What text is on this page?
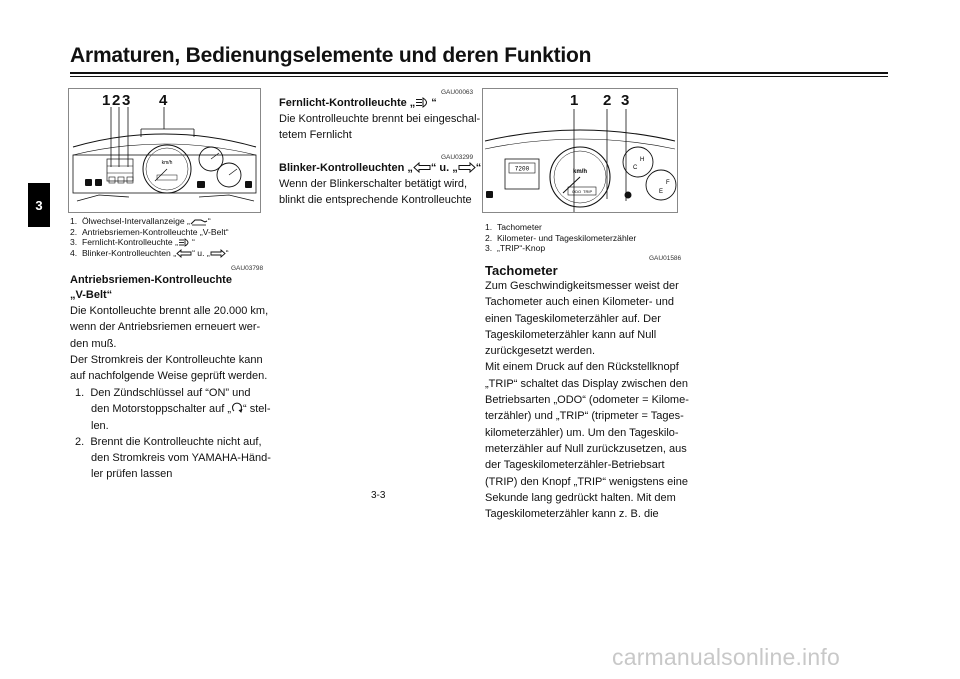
Armaturen, Bedienungselemente und deren Funktion
3
km/h
1 2 3 4
1. Ölwechsel-Intervallanzeige „ “
2. Antriebsriemen-Kontrolleuchte „V-Belt“
3. Fernlicht-Kontrolleuchte „ “
4. Blinker-Kontrolleuchten „ “ u. „ “
GAU03798
Antriebsriemen-Kontrolleuchte
„V-Belt“
Die Kontolleuchte brennt alle 20.000 km,
wenn der Antriebsriemen erneuert wer-
den muß.
Der Stromkreis der Kontrolleuchte kann
auf nachfolgende Weise geprüft werden.
1. Den Zündschlüssel auf “ON” und
den Motorstoppschalter auf „ “ stel-
len.
2. Brennt die Kontrolleuchte nicht auf,
den Stromkreis vom YAMAHA-Händ-
ler prüfen lassen
GAU00063
Fernlicht-Kontrolleuchte „ “
Die Kontrolleuchte brennt bei eingeschal-
tetem Fernlicht
GAU03299
Blinker-Kontrolleuchten „ “ u. „ “
Wenn der Blinkerschalter betätigt wird,
blinkt die entsprechende Kontrolleuchte
7200	km/h
ODO TRIP
H
C
F
E
1 2 3
1. Tachometer
2. Kilometer- und Tageskilometerzähler
3. „TRIP“-Knop
GAU01586
Tachometer
Zum Geschwindigkeitsmesser weist der
Tachometer auch einen Kilometer- und
einen Tageskilometerzähler auf. Der
Tageskilometerzähler kann auf Null
zurückgesetzt werden.
Mit einem Druck auf den Rückstellknopf
„TRIP“ schaltet das Display zwischen den
Betriebsarten „ODO“ (odometer = Kilome-
terzähler) und „TRIP“ (tripmeter = Tages-
kilometerzähler) um. Um den Tageskilo-
meterzähler auf Null zurückzusetzen, aus
der Tageskilometerzähler-Betriebsart
(TRIP) den Knopf „TRIP“ wenigstens eine
Sekunde lang gedrückt halten. Mit dem
Tageskilometerzähler kann z. B. die
3-3
carmanualsonline.info
